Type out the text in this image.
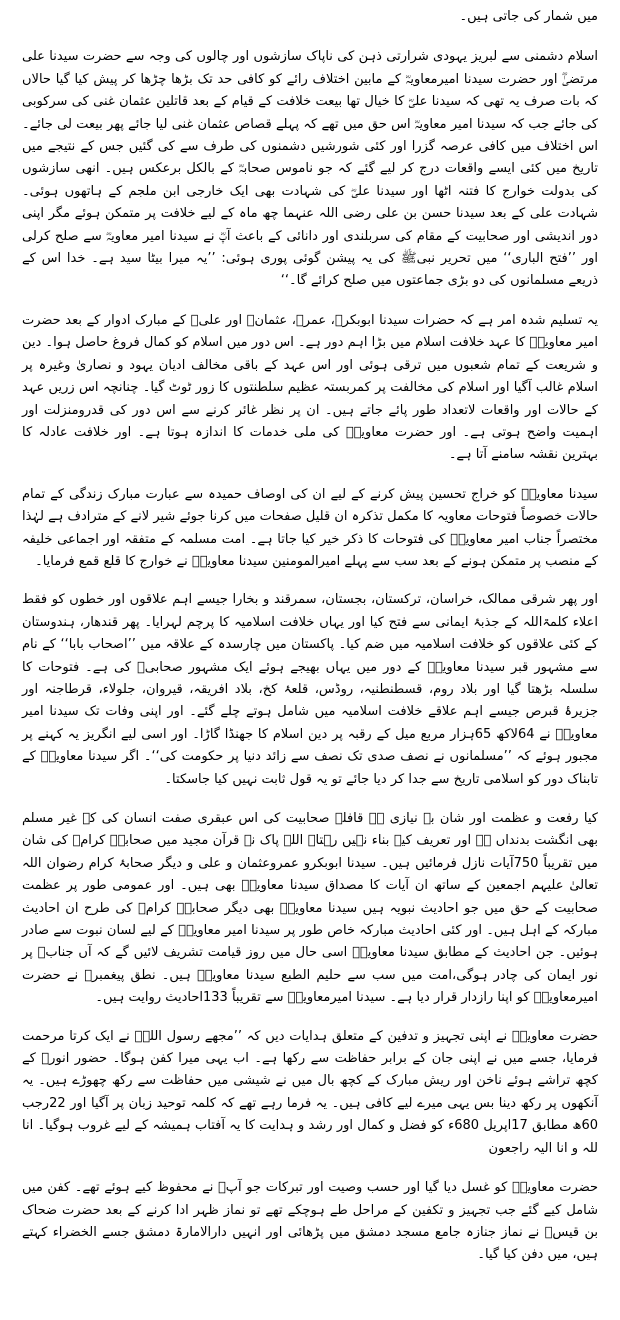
میں شمار کی جاتی ہیں۔

اسلام دشمنی سے لبریز یہودی شرارتی ذہن کی ناپاک سازشوں اور چالوں کی وجہ سے حضرت سیدنا علی مرتضیٰؓ اور حضرت سیدنا امیرمعاویہؓ کے مابین اختلاف رائے کو کافی حد تک بڑھا چڑھا کر پیش کیا گیا حالاں کہ بات صرف یہ تھی کہ سیدنا علیؓ کا خیال تھا بیعت خلافت کے قیام کے بعد قاتلین عثمان غنی کی سرکوبی کی جائے جب کہ سیدنا امیر معاویہؓ اس حق میں تھے کہ پہلے قصاص عثمان غنی لیا جائے پھر بیعت لی جائے۔ اس اختلاف میں کافی عرصہ گزرا اور کئی شورشیں دشمنوں کی طرف سے کی گئیں جس کے نتیجے میں تاریخ میں کئی ایسے واقعات درج کر لیے گئے کہ جو ناموس صحابہؓ کے بالکل برعکس ہیں۔ انھی سازشوں کی بدولت خوارج کا فتنہ اٹھا اور سیدنا علیؓ کی شہادت بھی ایک خارجی ابن ملجم کے ہاتھوں ہوئی۔ شہادت علی کے بعد سیدنا حسن بن علی رضی اللہ عنہما چھ ماہ کے لیے خلافت پر متمکن ہوئے مگر اپنی دور اندیشی اور صحابیت کے مقام کی سربلندی اور دانائی کے باعث آپؓ نے سیدنا امیر معاویہؓ سے صلح کرلی اور ’’فتح الباری‘‘ میں تحریر نبیﷺ کی یہ پیشن گوئی پوری ہوئی: ’’یہ میرا بیٹا سید ہے۔ خدا اس کے ذریعے مسلمانوں کی دو بڑی جماعتوں میں صلح کرائے گا۔‘‘

یہ تسلیم شدہ امر ہے کہ حضرات سیدنا ابوبکرؓ، عمرؓ، عثمانؓ اور علیؓ کے مبارک ادوار کے بعد حضرت امیر معاویہؓ کا عہد خلافت اسلام میں بڑا اہم دور ہے۔ اس دور میں اسلام کو کمال فروغ حاصل ہوا۔ دین و شریعت کے تمام شعبوں میں ترقی ہوئی اور اس عہد کے باقی مخالف ادیان یہود و نصاریٰ وغیرہ پر اسلام غالب آگیا اور اسلام کی مخالفت پر کمربستہ عظیم سلطنتوں کا زور ٹوٹ گیا۔ چنانچہ اس زریں عہد کے حالات اور واقعات لاتعداد طور پائے جاتے ہیں۔ ان پر نظر غائر کرنے سے اس دور کی قدرومنزلت اور اہمیت واضح ہوتی ہے۔ اور حضرت معاویہؓ کی ملی خدمات کا اندازہ ہوتا ہے۔ اور خلافت عادلہ کا بہترین نقشہ سامنے آتا ہے۔

سیدنا معاویہؓ کو خراج تحسین پیش کرنے کے لیے ان کی اوصاف حمیدہ سے عبارت مبارک زندگی کے تمام حالات خصوصاً فتوحات معاویہ کا مکمل تذکرہ ان قلیل صفحات میں کرنا جوئے شیر لانے کے مترادف ہے لہٰذا مختصراً جناب امیر معاویہؓ کی فتوحات کا ذکر خیر کیا جاتا ہے۔ امت مسلمہ کے متفقہ اور اجماعی خلیفہ کے منصب پر متمکن ہونے کے بعد سب سے پہلے امیرالمومنین سیدنا معاویہؓ نے خوارج کا قلع قمع فرمایا۔

اور پھر شرقی ممالک، خراسان، ترکستان، بجستان، سمرقند و بخارا جیسے اہم علاقوں اور خطوں کو فقط اعلاء کلمۃاللہ کے جذبۂ ایمانی سے فتح کیا اور یہاں خلافت اسلامیہ کا پرچم لہرایا۔ پھر قندھار، ہندوستان کے کئی علاقوں کو خلافت اسلامیہ میں ضم کیا۔ پاکستان میں چارسدہ کے علاقہ میں ’’اصحاب بابا‘‘ کے نام سے مشہور قبر سیدنا معاویہؓ کے دور میں یہاں بھیجے ہوئے ایک مشہور صحابیؓ کی ہے۔ فتوحات کا سلسلہ بڑھتا گیا اور بلاد روم، قسطنطنیہ، روڈس، قلعۂ کخ، بلاد افریقہ، قیروان، جلولاء، قرطاجنہ اور جزیرۂ قبرص جیسے اہم علاقے خلافت اسلامیہ میں شامل ہوتے چلے گئے۔ اور اپنی وفات تک سیدنا امیر معاویہؓ نے 64لاکھ 65ہزار مربع میل کے رقبہ پر دین اسلام کا جھنڈا گاڑا۔ اور اسی لیے انگریز یہ کہنے پر مجبور ہوئے کہ ’’مسلمانوں نے نصف صدی تک نصف سے زائد دنیا پر حکومت کی‘‘۔ اگر سیدنا معاویہؓ کے تابناک دور کو اسلامی تاریخ سے جدا کر دیا جائے تو یہ قول ثابت نہیں کیا جاسکتا۔

کیا رفعت و عظمت اور شان بے نیازی ہے قافلۂ صحابیت کی اس عبقری صفت انسان کی کہ غیر مسلم بھی انگشت بدنداں ہے اور تعریف کیے بناء نہیں رہتا۔ اللہ پاک نے قرآن مجید میں صحابہؓ کرامؓ کی شان میں تقریباً 750آیات نازل فرمائیں ہیں۔ سیدنا ابوبکرو عمروعثمان و علی و دیگر صحابۂ کرام رضوان اللہ تعالیٰ علیہم اجمعین کے ساتھ ان آیات کا مصداق سیدنا معاویہؓ بھی ہیں۔ اور عمومی طور پر عظمت صحابیت کے حق میں جو احادیث نبویہ ہیں سیدنا معاویہؓ بھی دیگر صحابہؓ کرامؓ کی طرح ان احادیث مبارکہ کے اہل ہیں۔ اور کئی احادیث مبارکہ خاص طور پر سیدنا امیر معاویہؓ کے لیے لسان نبوت سے صادر ہوئیں۔ جن احادیث کے مطابق سیدنا معاویہؓ اسی حال میں روز قیامت تشریف لائیں گے کہ آں جنابؓ پر نور ایمان کی چادر ہوگی،امت میں سب سے حلیم الطبع سیدنا معاویہؓ ہیں۔ نطق پیغمبرؐ نے حضرت امیرمعاویہؓ کو اپنا رازدار قرار دیا ہے۔ سیدنا امیرمعاویہؓ سے تقریباً 133احادیث روایت ہیں۔

حضرت معاویہؓ نے اپنی تجہیز و تدفین کے متعلق ہدایات دیں کہ ’’مجھے رسول اللہؐ نے ایک کرتا مرحمت فرمایا، جسے میں نے اپنی جان کے برابر حفاظت سے رکھا ہے۔ اب یہی میرا کفن ہوگا۔ حضور انورؐ کے کچھ تراشے ہوئے ناخن اور ریش مبارک کے کچھ بال میں نے شیشی میں حفاظت سے رکھ چھوڑے ہیں۔ یہ آنکھوں پر رکھ دینا بس یہی میرے لیے کافی ہیں۔ یہ فرما رہے تھے کہ کلمہ توحید زبان پر آگیا اور 22رجب 60ھ مطابق 17اپریل 680ء کو فضل و کمال اور رشد و ہدایت کا یہ آفتاب ہمیشہ کے لیے غروب ہوگیا۔ انا للہ و انا الیہ راجعون

حضرت معاویہؓ کو غسل دیا گیا اور حسب وصیت اور تبرکات جو آپؓ نے محفوظ کیے ہوئے تھے۔ کفن میں شامل کیے گئے جب تجہیز و تکفین کے مراحل طے ہوچکے تھے تو نماز ظہر ادا کرنے کے بعد حضرت ضحاک بن قیسؓ نے نماز جنازہ جامع مسجد دمشق میں پڑھائی اور انہیں دارالامارۃ دمشق جسے الخضراء کہتے ہیں، میں دفن کیا گیا۔
